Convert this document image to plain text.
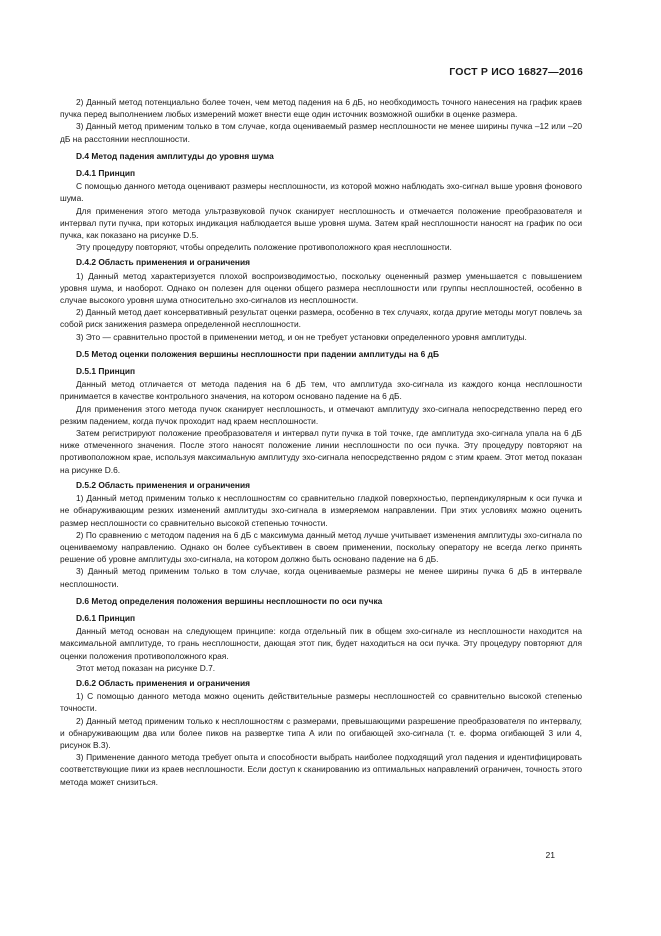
ГОСТ Р ИСО 16827—2016

2) Данный метод потенциально более точен, чем метод падения на 6 дБ, но необходимость точного нанесения на график краев пучка перед выполнением любых измерений может внести еще один источник возможной ошибки в оценке размера.

3) Данный метод применим только в том случае, когда оцениваемый размер несплошности не менее ширины пучка –12 или –20 дБ на расстоянии несплошности.

D.4 Метод падения амплитуды до уровня шума

D.4.1 Принцип

С помощью данного метода оценивают размеры несплошности, из которой можно наблюдать эхо-сигнал выше уровня фонового шума.

Для применения этого метода ультразвуковой пучок сканирует несплошность и отмечается положение преобразователя и интервал пути пучка, при которых индикация наблюдается выше уровня шума. Затем край несплошности наносят на график по оси пучка, как показано на рисунке D.5.

Эту процедуру повторяют, чтобы определить положение противоположного края несплошности.

D.4.2 Область применения и ограничения

1) Данный метод характеризуется плохой воспроизводимостью, поскольку оцененный размер уменьшается с повышением уровня шума, и наоборот. Однако он полезен для оценки общего размера несплошности или группы несплошностей, особенно в случае высокого уровня шума относительно эхо-сигналов из несплошности.

2) Данный метод дает консервативный результат оценки размера, особенно в тех случаях, когда другие методы могут повлечь за собой риск занижения размера определенной несплошности.

3) Это — сравнительно простой в применении метод, и он не требует установки определенного уровня амплитуды.

D.5 Метод оценки положения вершины несплошности при падении амплитуды на 6 дБ

D.5.1 Принцип

Данный метод отличается от метода падения на 6 дБ тем, что амплитуда эхо-сигнала из каждого конца несплошности принимается в качестве контрольного значения, на котором основано падение на 6 дБ.

Для применения этого метода пучок сканирует несплошность, и отмечают амплитуду эхо-сигнала непосредственно перед его резким падением, когда пучок проходит над краем несплошности.

Затем регистрируют положение преобразователя и интервал пути пучка в той точке, где амплитуда эхо-сигнала упала на 6 дБ ниже отмеченного значения. После этого наносят положение линии несплошности по оси пучка. Эту процедуру повторяют на противоположном крае, используя максимальную амплитуду эхо-сигнала непосредственно рядом с этим краем. Этот метод показан на рисунке D.6.

D.5.2 Область применения и ограничения

1) Данный метод применим только к несплошностям со сравнительно гладкой поверхностью, перпендикулярным к оси пучка и не обнаруживающим резких изменений амплитуды эхо-сигнала в измеряемом направлении. При этих условиях можно оценить размер несплошности со сравнительно высокой степенью точности.

2) По сравнению с методом падения на 6 дБ с максимума данный метод лучше учитывает изменения амплитуды эхо-сигнала по оцениваемому направлению. Однако он более субъективен в своем применении, поскольку оператору не всегда легко принять решение об уровне амплитуды эхо-сигнала, на котором должно быть основано падение на 6 дБ.

3) Данный метод применим только в том случае, когда оцениваемые размеры не менее ширины пучка 6 дБ в интервале несплошности.

D.6 Метод определения положения вершины несплошности по оси пучка

D.6.1 Принцип

Данный метод основан на следующем принципе: когда отдельный пик в общем эхо-сигнале из несплошности находится на максимальной амплитуде, то грань несплошности, дающая этот пик, будет находиться на оси пучка. Эту процедуру повторяют для оценки положения противоположного края.

Этот метод показан на рисунке D.7.

D.6.2 Область применения и ограничения

1) С помощью данного метода можно оценить действительные размеры несплошностей со сравнительно высокой степенью точности.

2) Данный метод применим только к несплошностям с размерами, превышающими разрешение преобразователя по интервалу, и обнаруживающим два или более пиков на развертке типа A или по огибающей эхо-сигнала (т. е. форма огибающей 3 или 4, рисунок B.3).

3) Применение данного метода требует опыта и способности выбрать наиболее подходящий угол падения и идентифицировать соответствующие пики из краев несплошности. Если доступ к сканированию из оптимальных направлений ограничен, точность этого метода может снизиться.

21
